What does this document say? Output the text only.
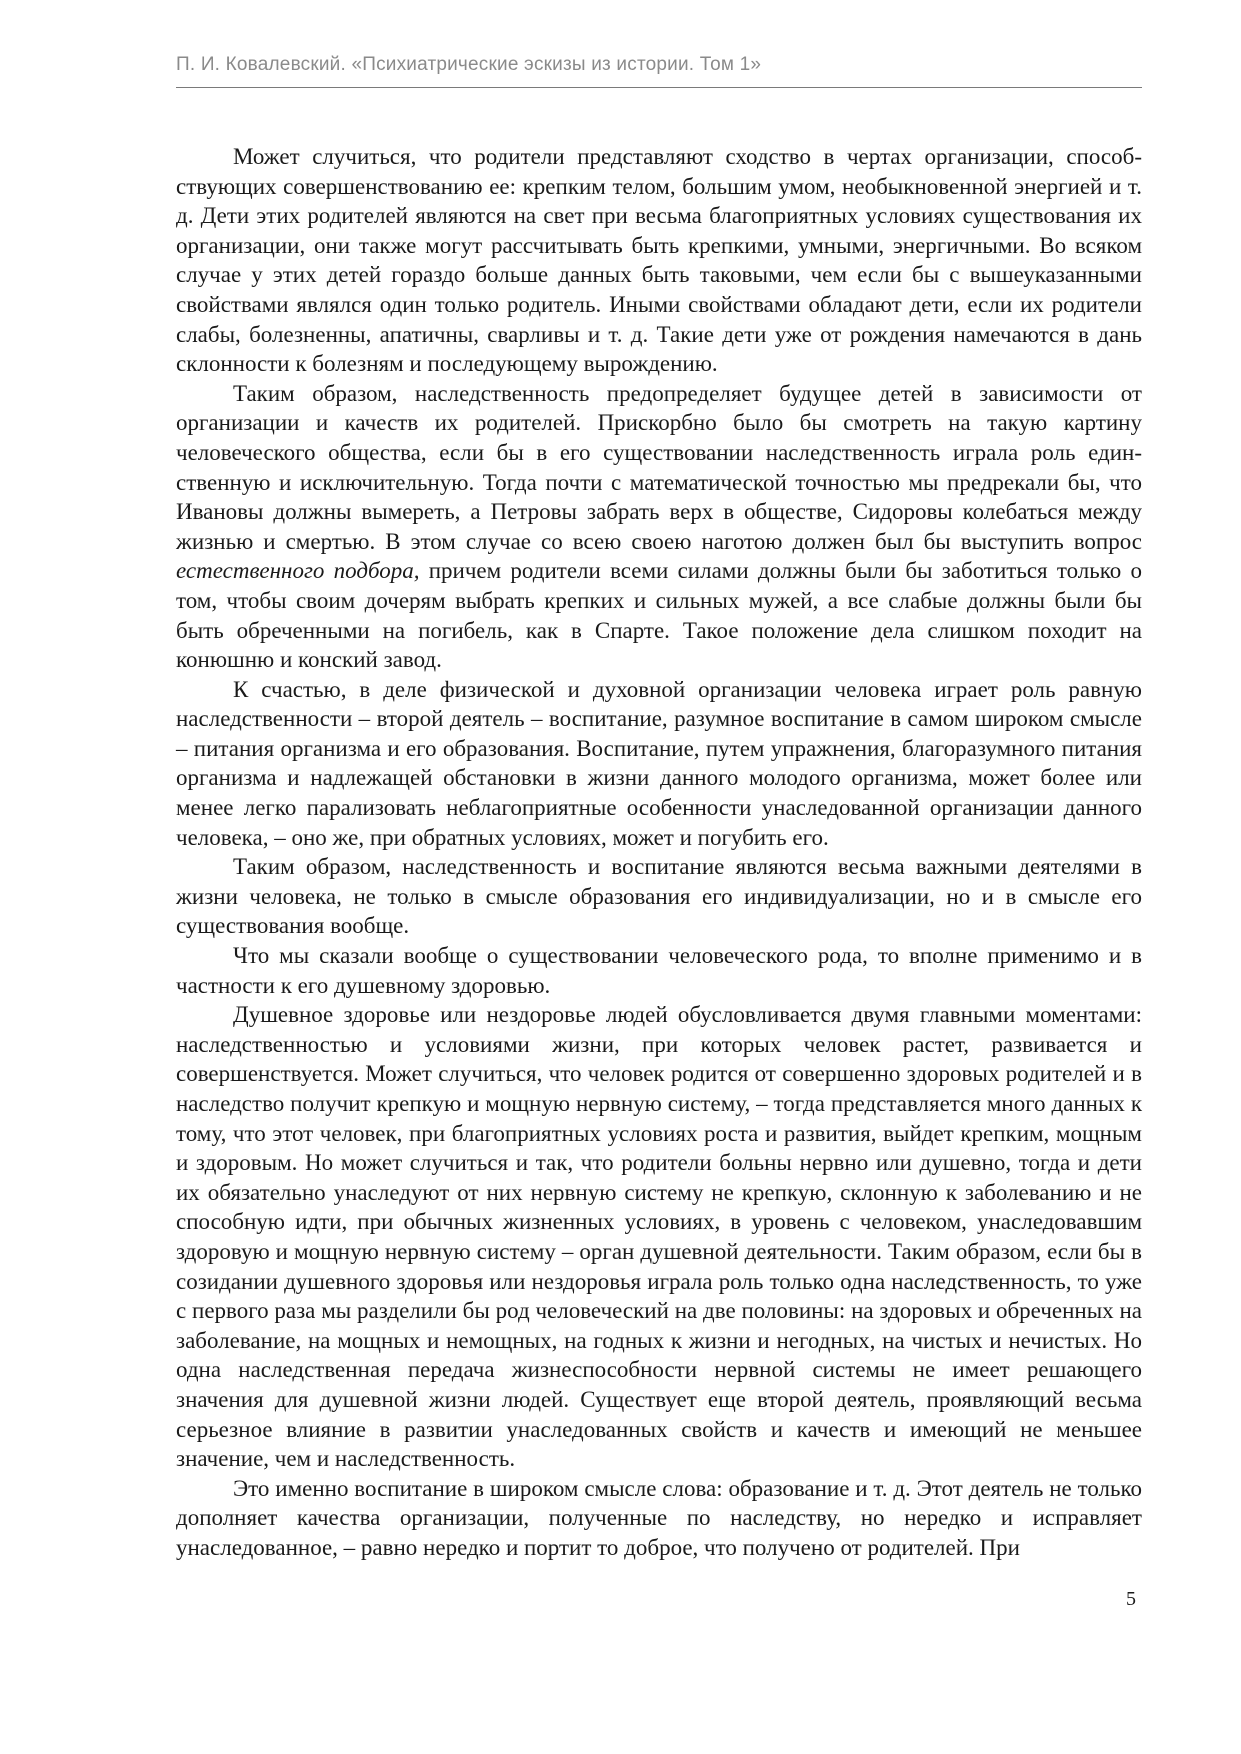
П. И. Ковалевский. «Психиатрические эскизы из истории. Том 1»

Может случиться, что родители представляют сходство в чертах организации, способствующих совершенствованию ее: крепким телом, большим умом, необыкновенной энергией и т. д. Дети этих родителей являются на свет при весьма благоприятных условиях существования их организации, они также могут рассчитывать быть крепкими, умными, энергичными. Во всяком случае у этих детей гораздо больше данных быть таковыми, чем если бы с вышеуказанными свойствами являлся один только родитель. Иными свойствами обладают дети, если их родители слабы, болезненны, апатичны, сварливы и т. д. Такие дети уже от рождения намечаются в дань склонности к болезням и последующему вырождению.

Таким образом, наследственность предопределяет будущее детей в зависимости от организации и качеств их родителей. Прискорбно было бы смотреть на такую картину человеческого общества, если бы в его существовании наследственность играла роль единственную и исключительную. Тогда почти с математической точностью мы предрекали бы, что Ивановы должны вымереть, а Петровы забрать верх в обществе, Сидоровы колебаться между жизнью и смертью. В этом случае со всею своею наготою должен был бы выступить вопрос естественного подбора, причем родители всеми силами должны были бы заботиться только о том, чтобы своим дочерям выбрать крепких и сильных мужей, а все слабые должны были бы быть обреченными на погибель, как в Спарте. Такое положение дела слишком походит на конюшню и конский завод.

К счастью, в деле физической и духовной организации человека играет роль равную наследственности – второй деятель – воспитание, разумное воспитание в самом широком смысле – питания организма и его образования. Воспитание, путем упражнения, благоразумного питания организма и надлежащей обстановки в жизни данного молодого организма, может более или менее легко парализовать неблагоприятные особенности унаследованной организации данного человека, – оно же, при обратных условиях, может и погубить его.

Таким образом, наследственность и воспитание являются весьма важными деятелями в жизни человека, не только в смысле образования его индивидуализации, но и в смысле его существования вообще.

Что мы сказали вообще о существовании человеческого рода, то вполне применимо и в частности к его душевному здоровью.

Душевное здоровье или нездоровье людей обусловливается двумя главными моментами: наследственностью и условиями жизни, при которых человек растет, развивается и совершенствуется. Может случиться, что человек родится от совершенно здоровых родителей и в наследство получит крепкую и мощную нервную систему, – тогда представляется много данных к тому, что этот человек, при благоприятных условиях роста и развития, выйдет крепким, мощным и здоровым. Но может случиться и так, что родители больны нервно или душевно, тогда и дети их обязательно унаследуют от них нервную систему не крепкую, склонную к заболеванию и не способную идти, при обычных жизненных условиях, в уровень с человеком, унаследовавшим здоровую и мощную нервную систему – орган душевной деятельности. Таким образом, если бы в созидании душевного здоровья или нездоровья играла роль только одна наследственность, то уже с первого раза мы разделили бы род человеческий на две половины: на здоровых и обреченных на заболевание, на мощных и немощных, на годных к жизни и негодных, на чистых и нечистых. Но одна наследственная передача жизнеспособности нервной системы не имеет решающего значения для душевной жизни людей. Существует еще второй деятель, проявляющий весьма серьезное влияние в развитии унаследованных свойств и качеств и имеющий не меньшее значение, чем и наследственность.

Это именно воспитание в широком смысле слова: образование и т. д. Этот деятель не только дополняет качества организации, полученные по наследству, но нередко и исправляет унаследованное, – равно нередко и портит то доброе, что получено от родителей. При

5
